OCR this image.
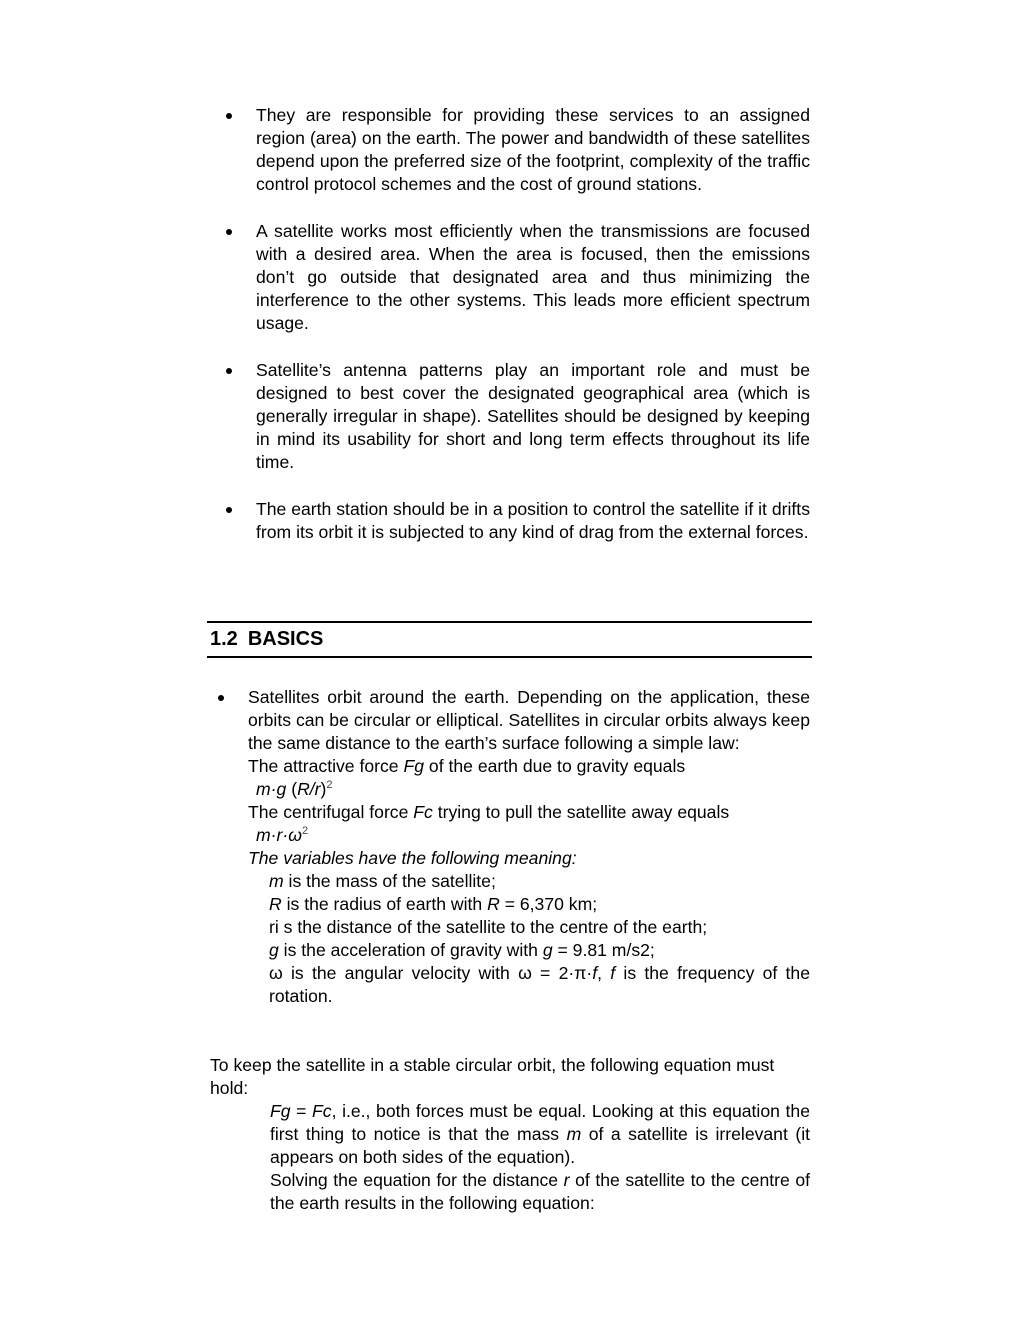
They are responsible for providing these services to an assigned region (area) on the earth. The power and bandwidth of these satellites depend upon the preferred size of the footprint, complexity of the traffic control protocol schemes and the cost of ground stations.

A satellite works most efficiently when the transmissions are focused with a desired area. When the area is focused, then the emissions don’t go outside that designated area and thus minimizing the interference to the other systems. This leads more efficient spectrum usage.

Satellite’s antenna patterns play an important role and must be designed to best cover the designated geographical area (which is generally irregular in shape). Satellites should be designed by keeping in mind its usability for short and long term effects throughout its life time.

The earth station should be in a position to control the satellite if it drifts from its orbit it is subjected to any kind of drag from the external forces.

1.2 BASICS

Satellites orbit around the earth. Depending on the application, these orbits can be circular or elliptical. Satellites in circular orbits always keep the same distance to the earth’s surface following a simple law:

The attractive force Fg of the earth due to gravity equals

m·g $(R/r)^2$

The centrifugal force Fc trying to pull the satellite away equals

$m\cdot r\cdot\omega^2$

The variables have the following meaning:

m is the mass of the satellite;

R is the radius of earth with R = 6,370 km;

ri s the distance of the satellite to the centre of the earth;

g is the acceleration of gravity with g = 9.81 m/s2;

ω is the angular velocity with ω = 2·π·f, f is the frequency of the rotation.

To keep the satellite in a stable circular orbit, the following equation must hold:

Fg = Fc, i.e., both forces must be equal. Looking at this equation the first thing to notice is that the mass m of a satellite is irrelevant (it appears on both sides of the equation).

Solving the equation for the distance r of the satellite to the centre of the earth results in the following equation:
